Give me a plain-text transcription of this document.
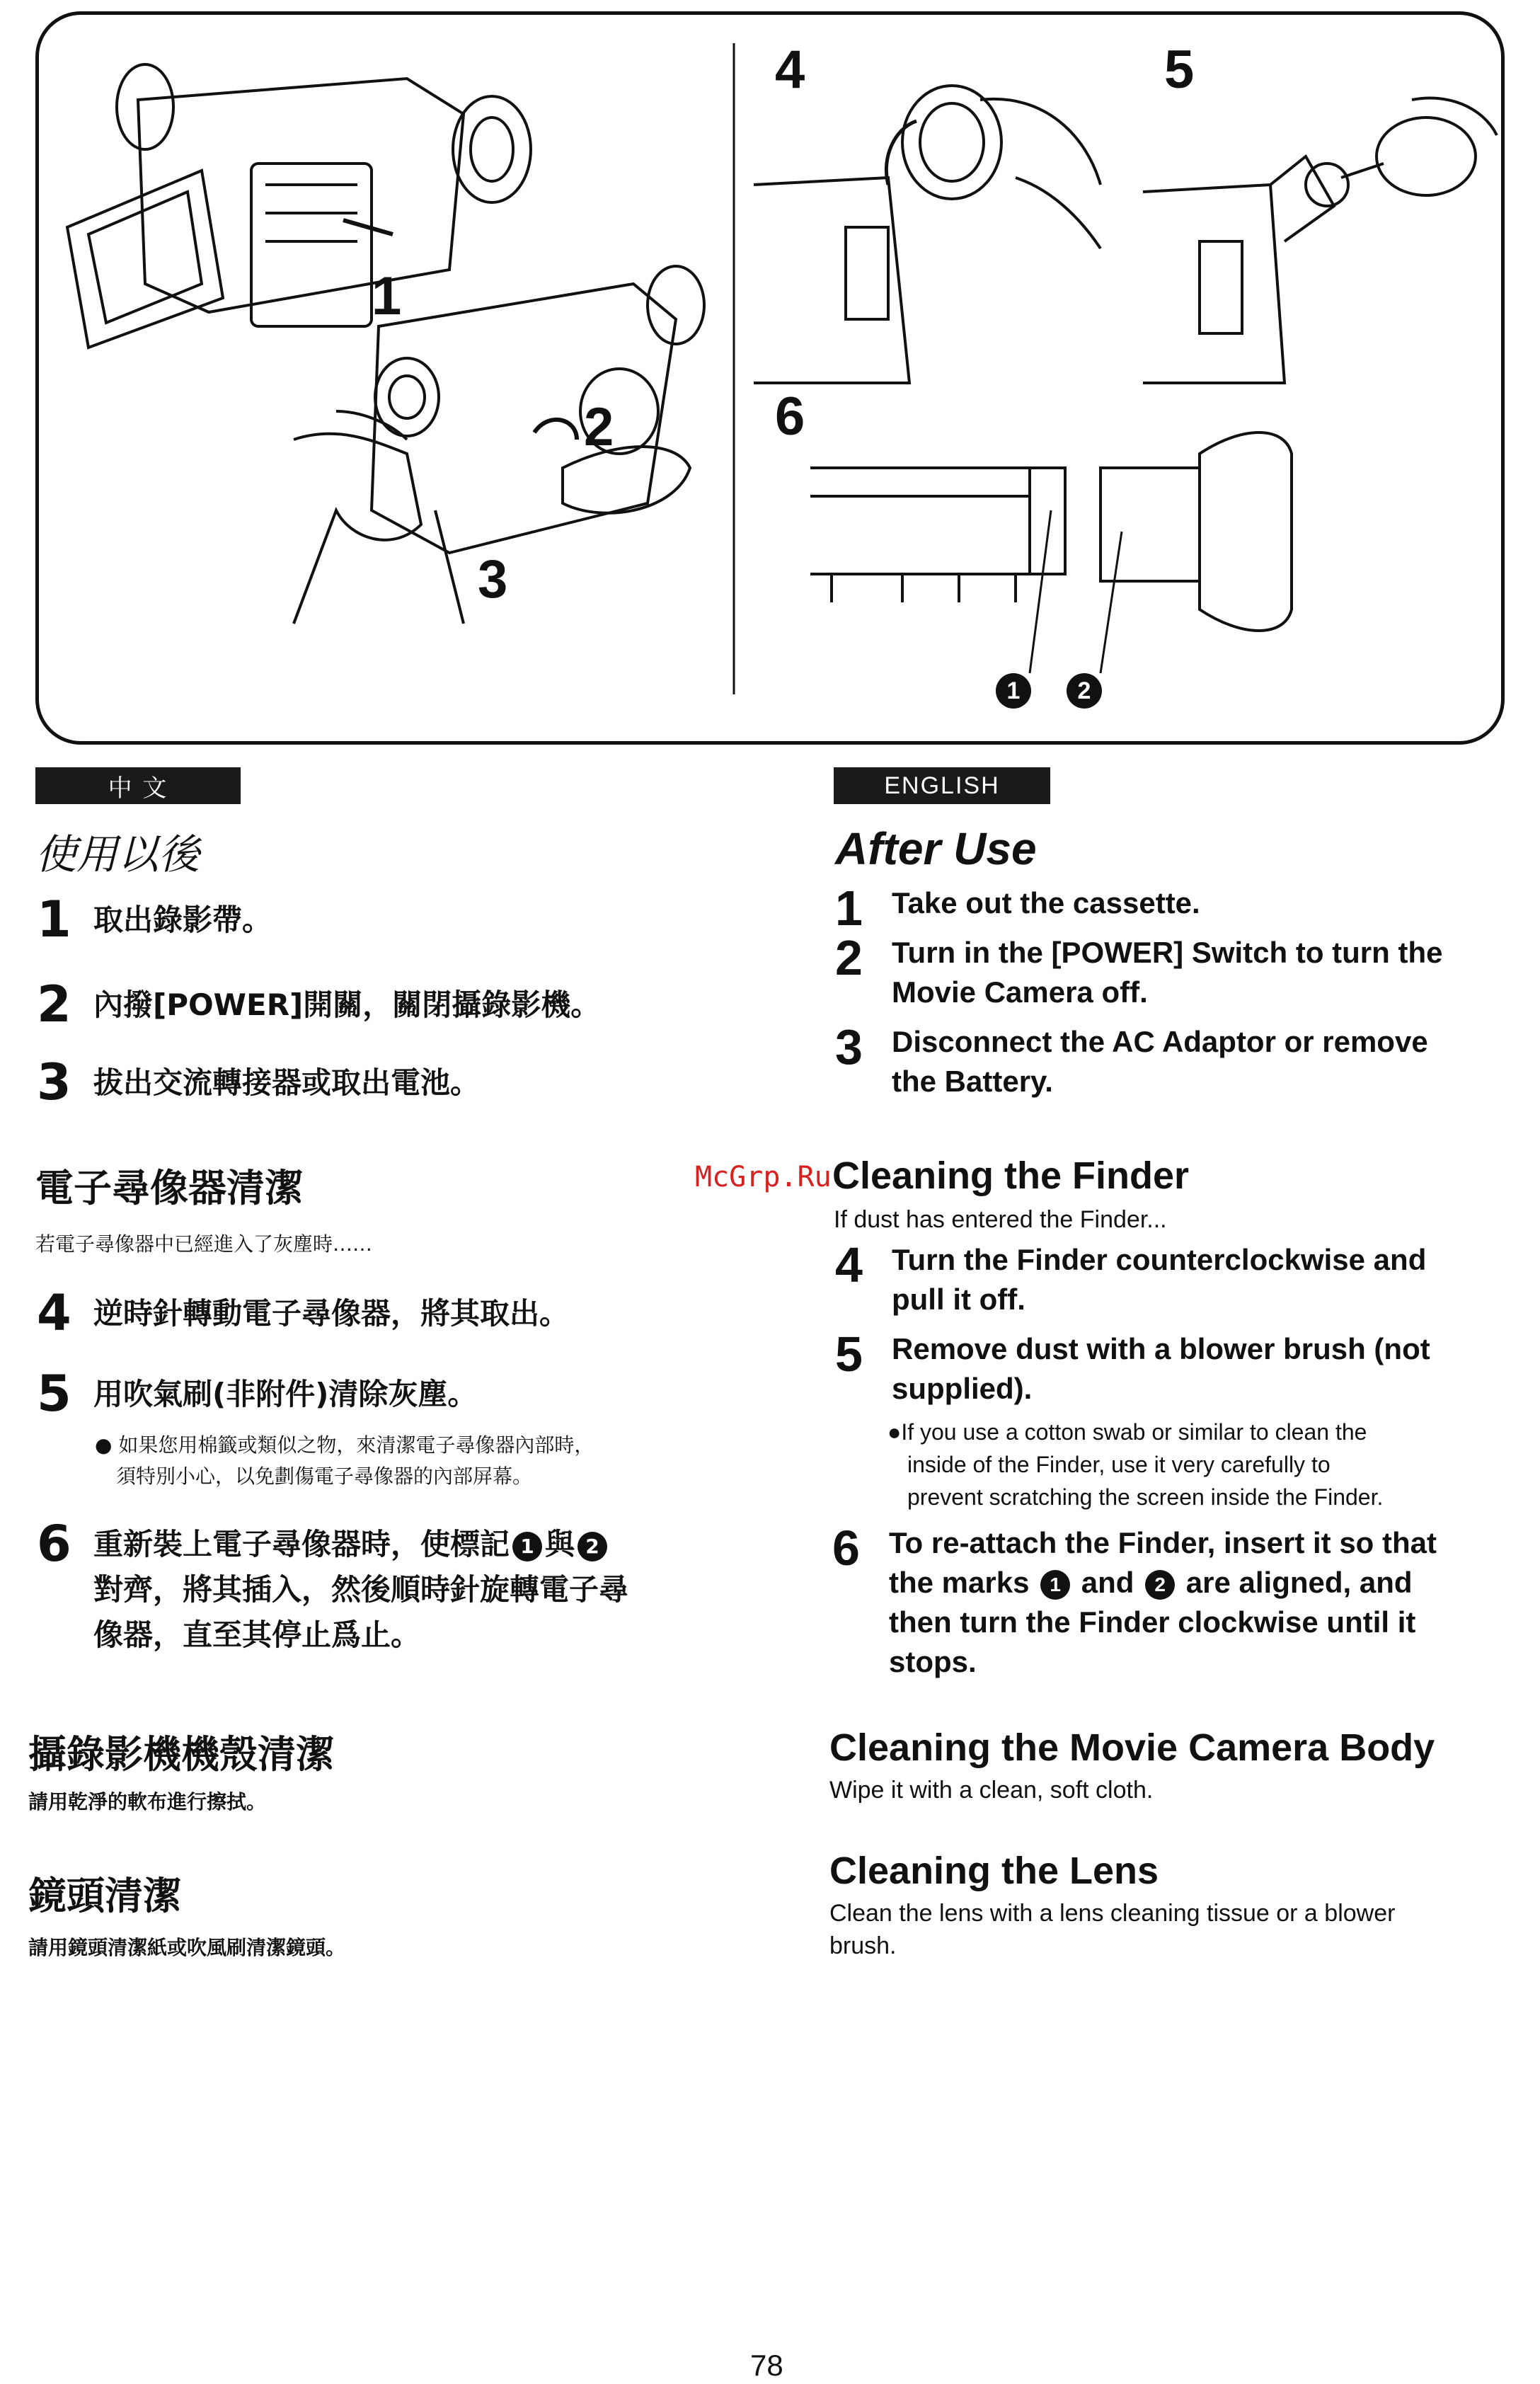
1
2
3
4	5
6
1	2
中 文
使用以後
1 取出錄影帶。
2 內撥[POWER]開關，關閉攝錄影機。
3 拔出交流轉接器或取出電池。
電子尋像器清潔
若電子尋像器中已經進入了灰塵時……
4 逆時針轉動電子尋像器，將其取出。
5 用吹氣刷(非附件)清除灰塵。
● 如果您用棉籤或類似之物，來清潔電子尋像器內部時，
須特別小心，以免劃傷電子尋像器的內部屏幕。
6 重新裝上電子尋像器時，使標記 1 與 2
對齊，將其插入，然後順時針旋轉電子尋
像器，直至其停止爲止。
攝錄影機機殼清潔
請用乾淨的軟布進行擦拭。
鏡頭清潔
請用鏡頭清潔紙或吹風刷清潔鏡頭。
McGrp.Ru
ENGLISH
After Use
1 Take out the cassette.
2 Turn in the [POWER] Switch to turn the
Movie Camera off.
3 Disconnect the AC Adaptor or remove
the Battery.
Cleaning the Finder
If dust has entered the Finder...
4 Turn the Finder counterclockwise and
pull it off.
5 Remove dust with a blower brush (not
supplied).
●If you use a cotton swab or similar to clean the
inside of the Finder, use it very carefully to
prevent scratching the screen inside the Finder.
6 To re-attach the Finder, insert it so that
the marks 1 and 2 are aligned, and
then turn the Finder clockwise until it
stops.
Cleaning the Movie Camera Body
Wipe it with a clean, soft cloth.
Cleaning the Lens
Clean the lens with a lens cleaning tissue or a blower
brush.
78
